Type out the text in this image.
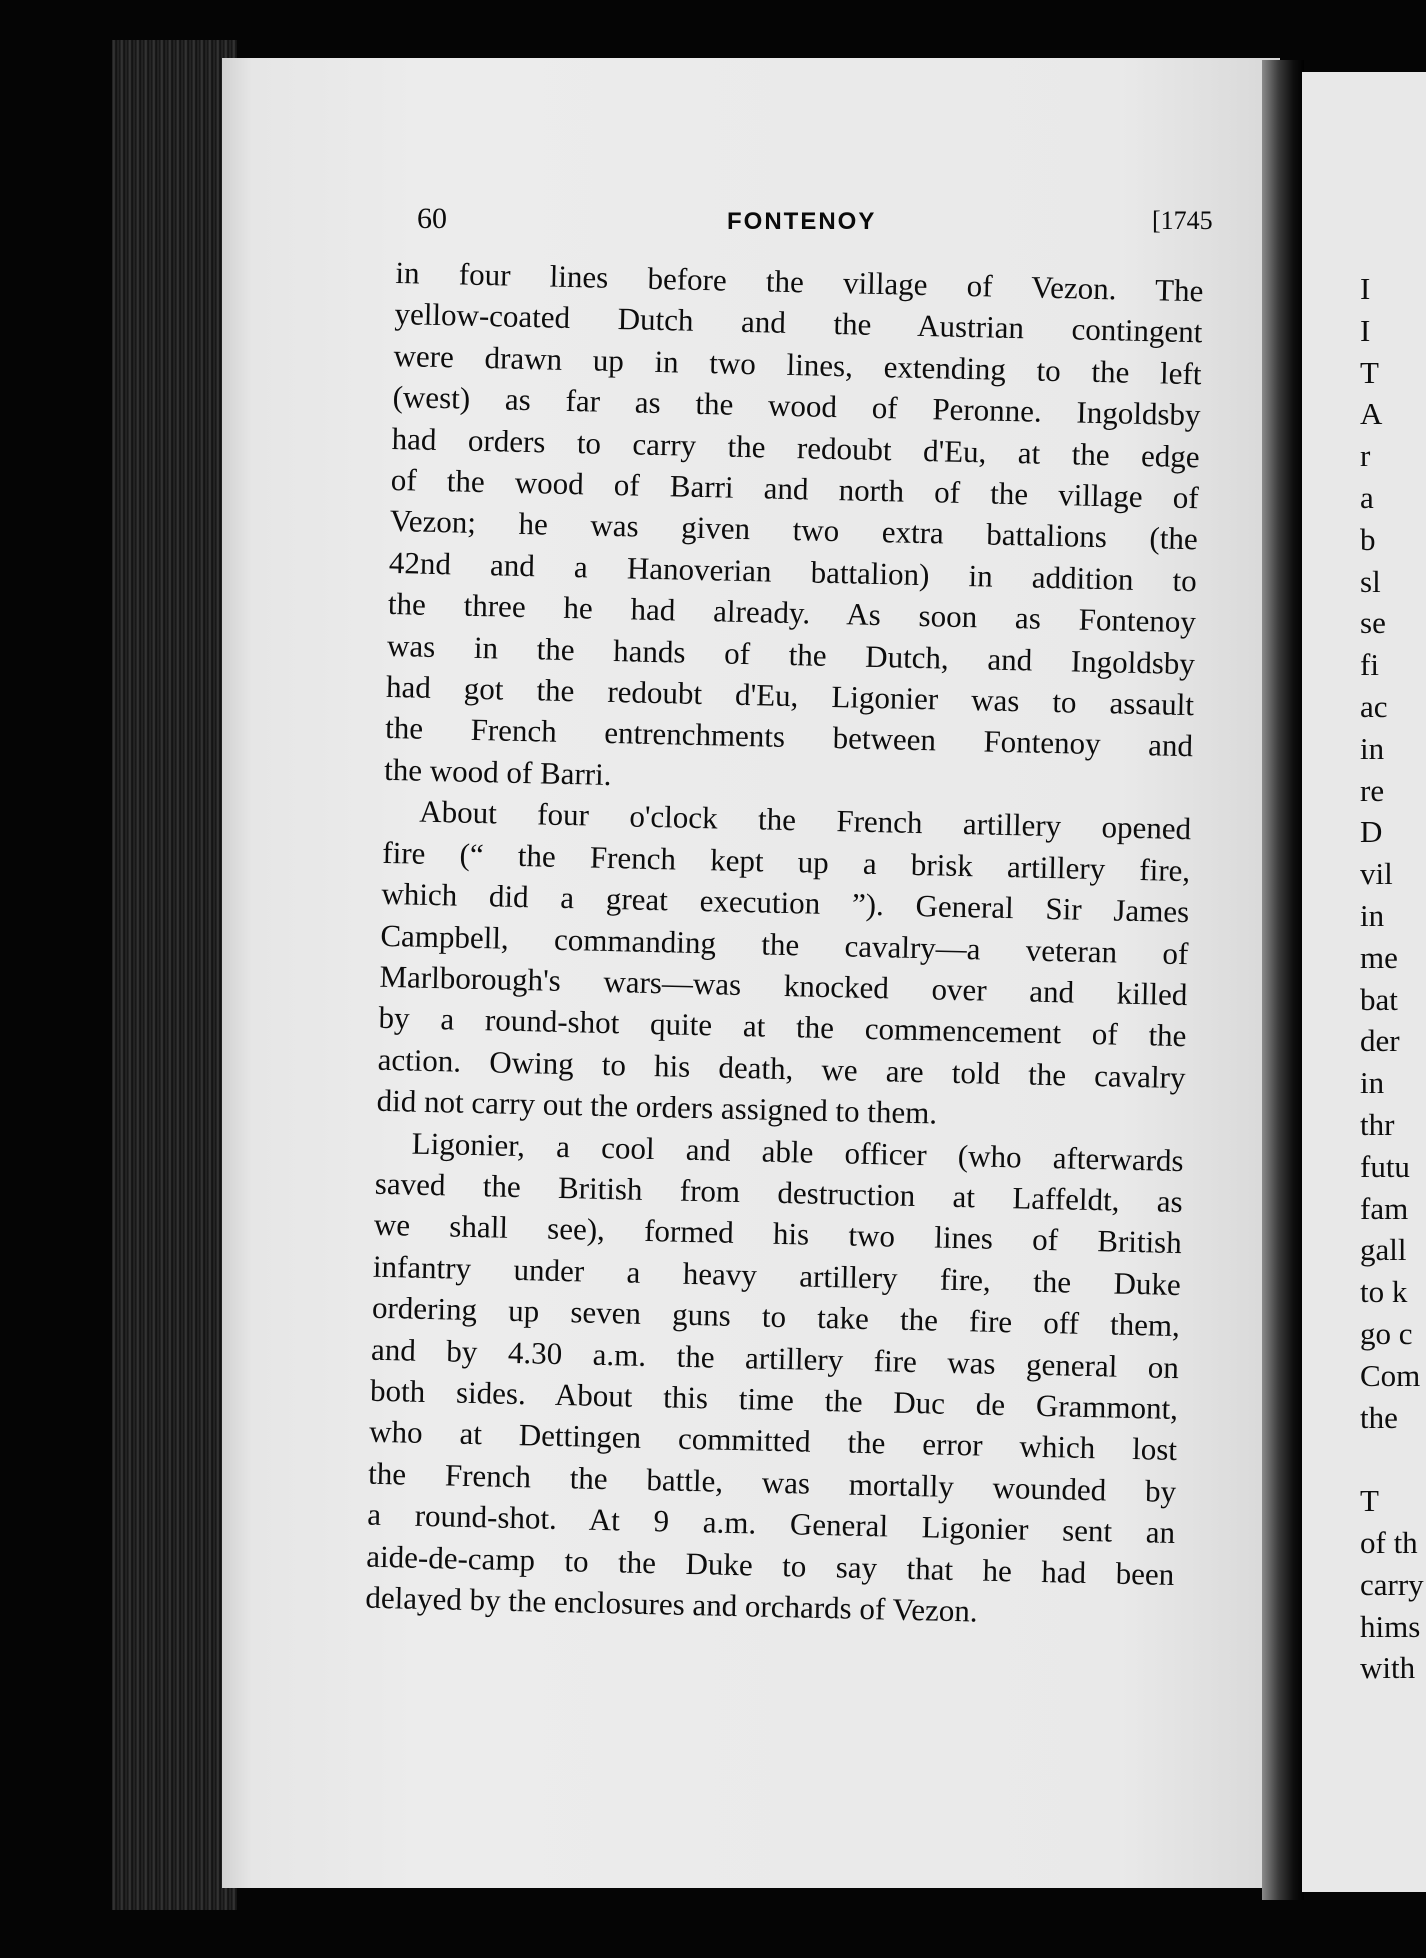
60	FONTENOY	[1745
in four lines before the village of Vezon. The
yellow-coated Dutch and the Austrian contingent
were drawn up in two lines, extending to the left
(west) as far as the wood of Peronne. Ingoldsby
had orders to carry the redoubt d'Eu, at the edge
of the wood of Barri and north of the village of
Vezon; he was given two extra battalions (the
42nd and a Hanoverian battalion) in addition to
the three he had already. As soon as Fontenoy
was in the hands of the Dutch, and Ingoldsby
had got the redoubt d'Eu, Ligonier was to assault
the French entrenchments between Fontenoy and
the wood of Barri.
About four o'clock the French artillery opened
fire (“ the French kept up a brisk artillery fire,
which did a great execution ”). General Sir James
Campbell, commanding the cavalry—a veteran of
Marlborough's wars—was knocked over and killed
by a round-shot quite at the commencement of the
action. Owing to his death, we are told the cavalry
did not carry out the orders assigned to them.
Ligonier, a cool and able officer (who afterwards
saved the British from destruction at Laffeldt, as
we shall see), formed his two lines of British
infantry under a heavy artillery fire, the Duke
ordering up seven guns to take the fire off them,
and by 4.30 a.m. the artillery fire was general on
both sides. About this time the Duc de Grammont,
who at Dettingen committed the error which lost
the French the battle, was mortally wounded by
a round-shot. At 9 a.m. General Ligonier sent an
aide-de-camp to the Duke to say that he had been
delayed by the enclosures and orchards of Vezon.
I
I
T
A
r
a
b
sl
se
fi
ac
in
re
D
vil
in
me
bat
der
in
thr
futu
fam
gall
to k
go c
Com
the

T
of th
carry
hims
with
